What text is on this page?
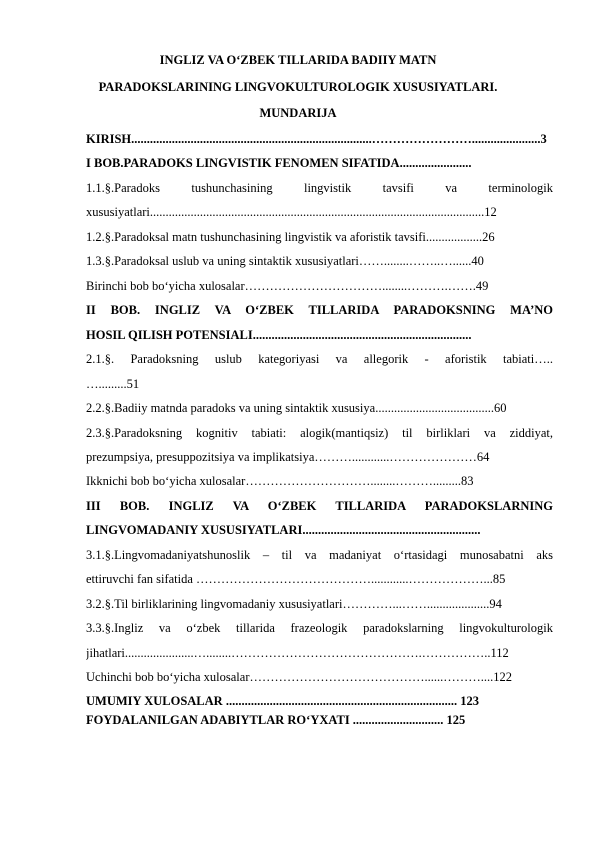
INGLIZ VA O‘ZBEK TILLARIDA BADIIY MATN
PARADOKSLARINING LINGVOKULTUROLOGIK XUSUSIYATLARI.
MUNDARIJA
KIRISH.............................................................................……………………......................3
I BOB.PARADOKS LINGVISTIK FENOMEN SIFATIDA.......................
1.1.§.Paradoks tushunchasining lingvistik tavsifi va terminologik
xususiyatlari...........................................................................................................12
1.2.§.Paradoksal matn tushunchasining lingvistik va aforistik tavsifi..................26
1.3.§.Paradoksal uslub va uning sintaktik xususiyatlari……........……..…......40
Birinchi bob bo‘yicha xulosalar……………………………........……….…….49
II BOB. INGLIZ VA O‘ZBEK TILLARIDA PARADOKSNING MA’NO
HOSIL QILISH POTENSIALI......................................................................
2.1.§. Paradoksning uslub kategoriyasi va allegorik - aforistik tabiati…..
….........51
2.2.§.Badiiy matnda paradoks va uning sintaktik xususiya......................................60
2.3.§.Paradoksning kognitiv tabiati: alogik(mantiqsiz) til birliklari va ziddiyat,
prezumpsiya, presuppozitsiya va implikatsiya………............…………………64
Ikknichi bob bo‘yicha xulosalar…………………………........……….........83
III BOB. INGLIZ VA O‘ZBEK TILLARIDA PARADOKSLARNING
LINGVOMADANIY XUSUSIYATLARI.........................................................
3.1.§.Lingvomadaniyatshunoslik – til va madaniyat o‘rtasidagi munosabatni aks
ettiruvchi fan sifatida ……………………………………............………………...85
3.2.§.Til birliklarining lingvomadaniy xususiyatlari…………...……....................94
3.3.§.Ingliz va o‘zbek tillarida frazeologik paradokslarning lingvokulturologik
jihatlari......................…........……………………………………….……………..112
Uchinchi bob bo‘yicha xulosalar……………………………………......………....122
UMUMIY XULOSALAR .......................................................................... 123
FOYDALANILGAN ADABIYTLAR RO‘YXATI ............................. 125
